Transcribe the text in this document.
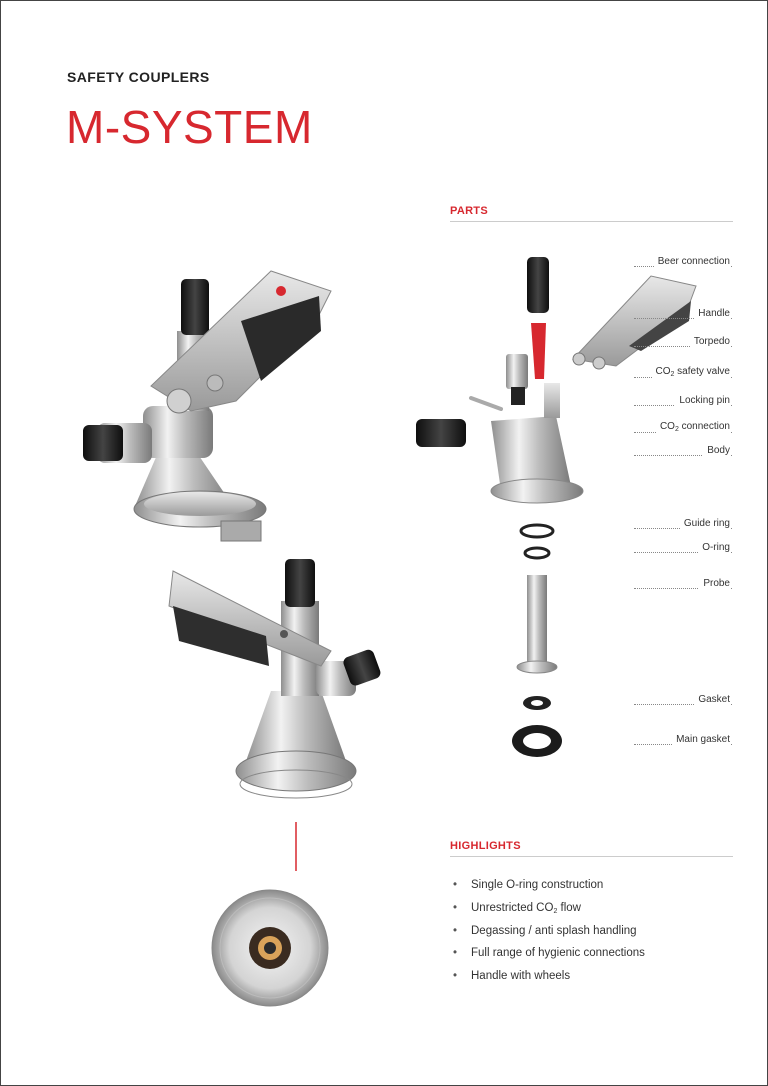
SAFETY COUPLERS
M-SYSTEM
PARTS
Beer connection
Handle
Torpedo
$CO_2$ safety valve
Locking pin
$CO_2$ connection
Body
Guide ring
O-ring
Probe
Gasket
Main gasket
HIGHLIGHTS
• Single O-ring construction
• Unrestricted $CO_2$ flow
• Degassing / anti splash handling
• Full range of hygienic connections
• Handle with wheels
